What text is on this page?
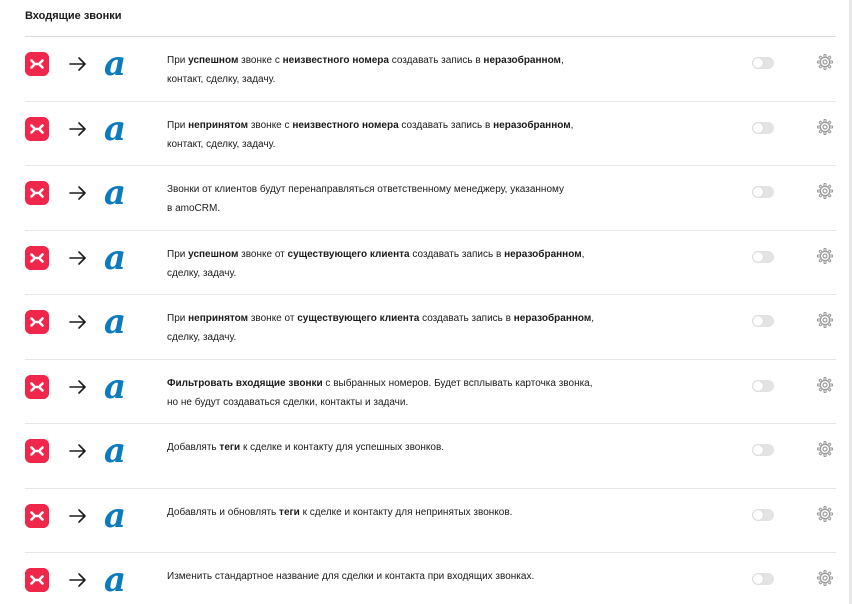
Входящие звонки
a	При успешном звонке с неизвестного номера создавать запись в неразобранном,
контакт, сделку, задачу.
a	При непринятом звонке с неизвестного номера создавать запись в неразобранном,
контакт, сделку, задачу.
a	Звонки от клиентов будут перенаправляться ответственному менеджеру, указанному
в amoCRM.
a	При успешном звонке от существующего клиента создавать запись в неразобранном,
сделку, задачу.
a	При непринятом звонке от существующего клиента создавать запись в неразобранном,
сделку, задачу.
a	Фильтровать входящие звонки с выбранных номеров. Будет всплывать карточка звонка,
но не будут создаваться сделки, контакты и задачи.
a	Добавлять теги к сделке и контакту для успешных звонков.
a	Добавлять и обновлять теги к сделке и контакту для непринятых звонков.
a	Изменить стандартное название для сделки и контакта при входящих звонках.
